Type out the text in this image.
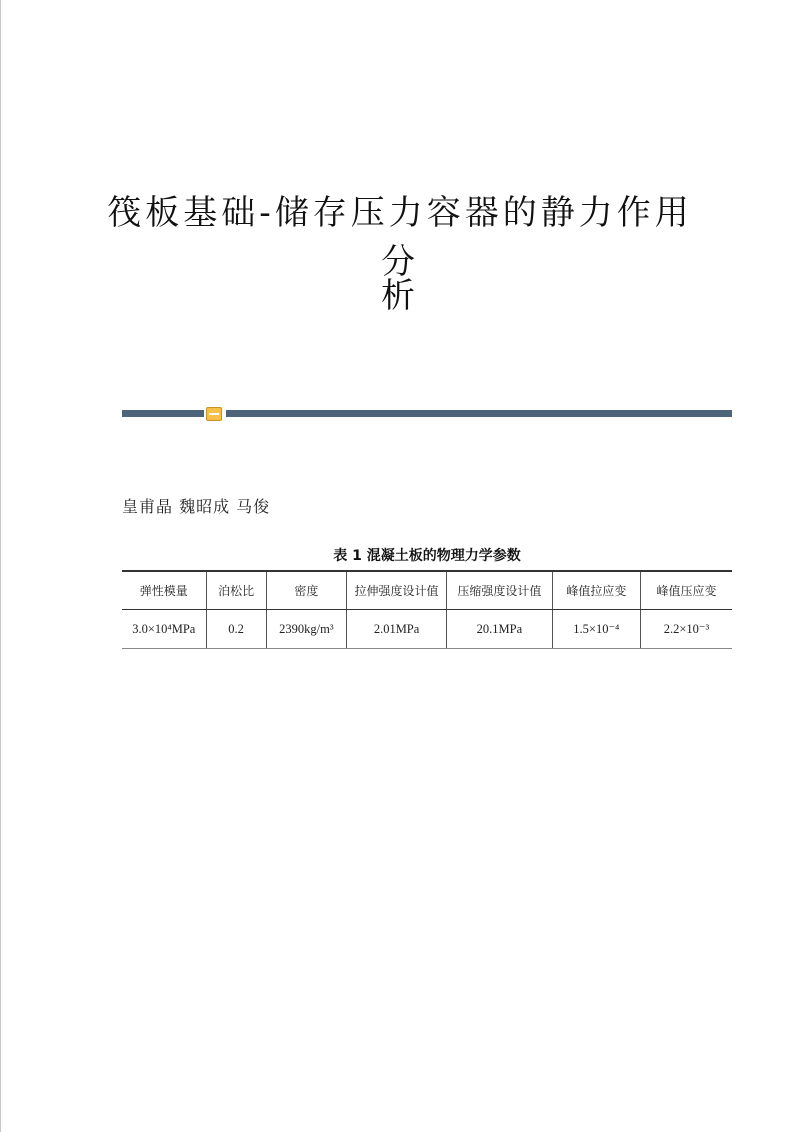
筏板基础-储存压力容器的静力作用分
析
皇甫晶 魏昭成 马俊
表 1 混凝土板的物理力学参数
弹性模量	泊松比	密度	拉伸强度设计值	压缩强度设计值	峰值拉应变	峰值压应变
3.0×10⁴MPa	0.2	2390kg/m³	2.01MPa	20.1MPa	1.5×10⁻⁴	2.2×10⁻³
